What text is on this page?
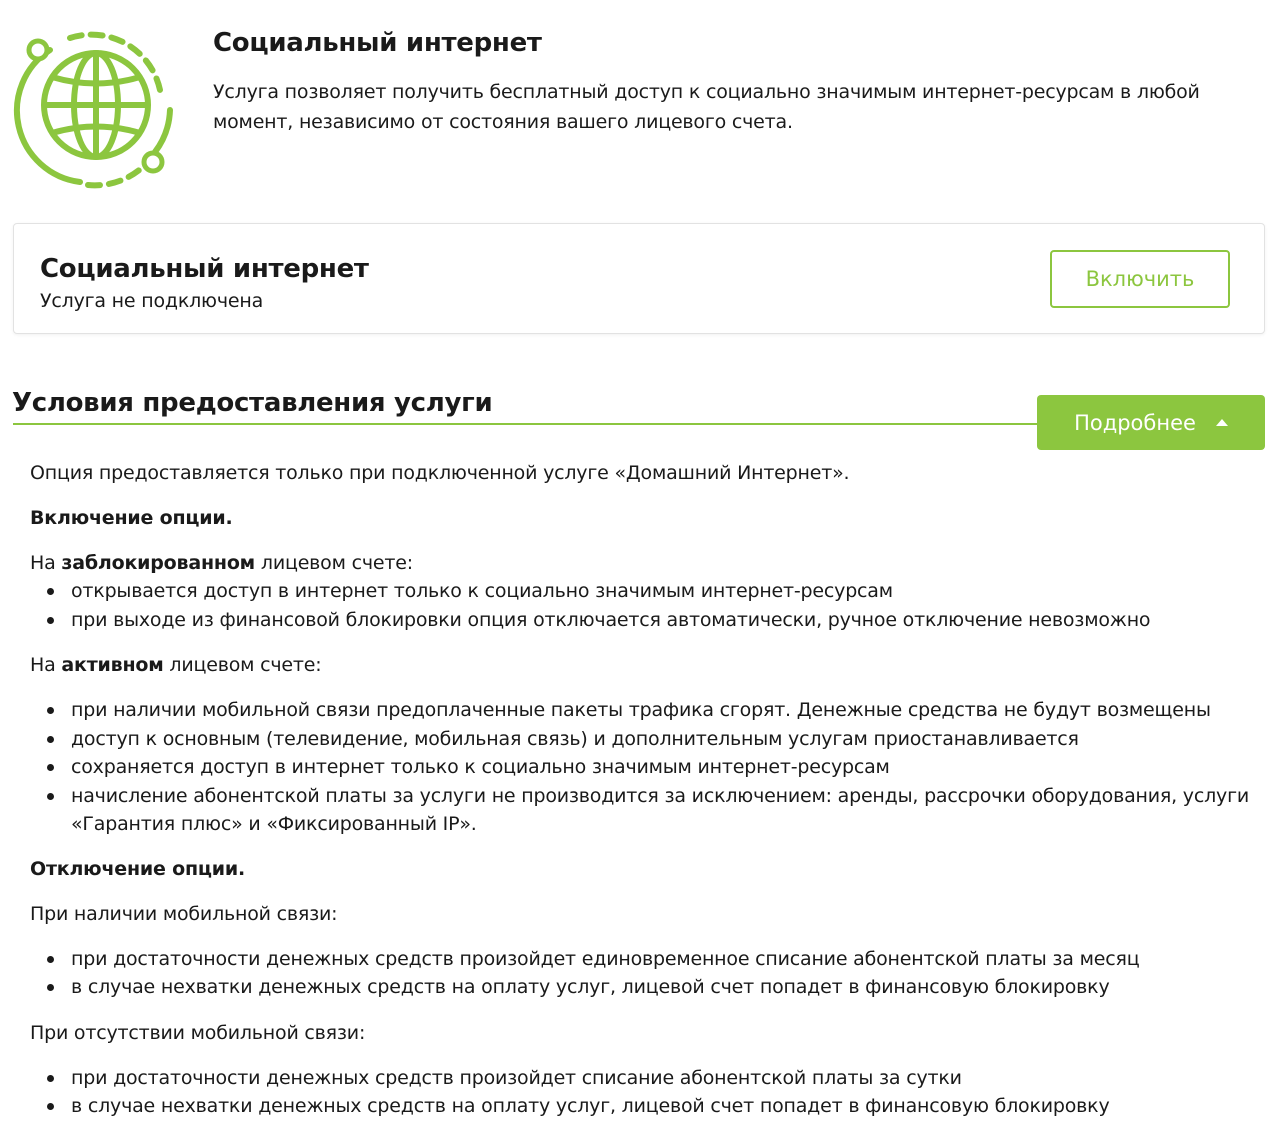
Социальный интернет

Услуга позволяет получить бесплатный доступ к социально значимым интернет-ресурсам в любой момент, независимо от состояния вашего лицевого счета.

Социальный интернет
Услуга не подключена
Включить
Условия предоставления услуги
Подробнее

Опция предоставляется только при подключенной услуге «Домашний Интернет».

Включение опции.

На заблокированном лицевом счете:

открывается доступ в интернет только к социально значимым интернет-ресурсам
при выходе из финансовой блокировки опция отключается автоматически, ручное отключение невозможно

На активном лицевом счете:

при наличии мобильной связи предоплаченные пакеты трафика сгорят. Денежные средства не будут возмещены
доступ к основным (телевидение, мобильная связь) и дополнительным услугам приостанавливается
сохраняется доступ в интернет только к социально значимым интернет-ресурсам
начисление абонентской платы за услуги не производится за исключением: аренды, рассрочки оборудования, услуги «Гарантия плюс» и «Фиксированный IP».

Отключение опции.

При наличии мобильной связи:

при достаточности денежных средств произойдет единовременное списание абонентской платы за месяц
в случае нехватки денежных средств на оплату услуг, лицевой счет попадет в финансовую блокировку

При отсутствии мобильной связи:

при достаточности денежных средств произойдет списание абонентской платы за сутки
в случае нехватки денежных средств на оплату услуг, лицевой счет попадет в финансовую блокировку
